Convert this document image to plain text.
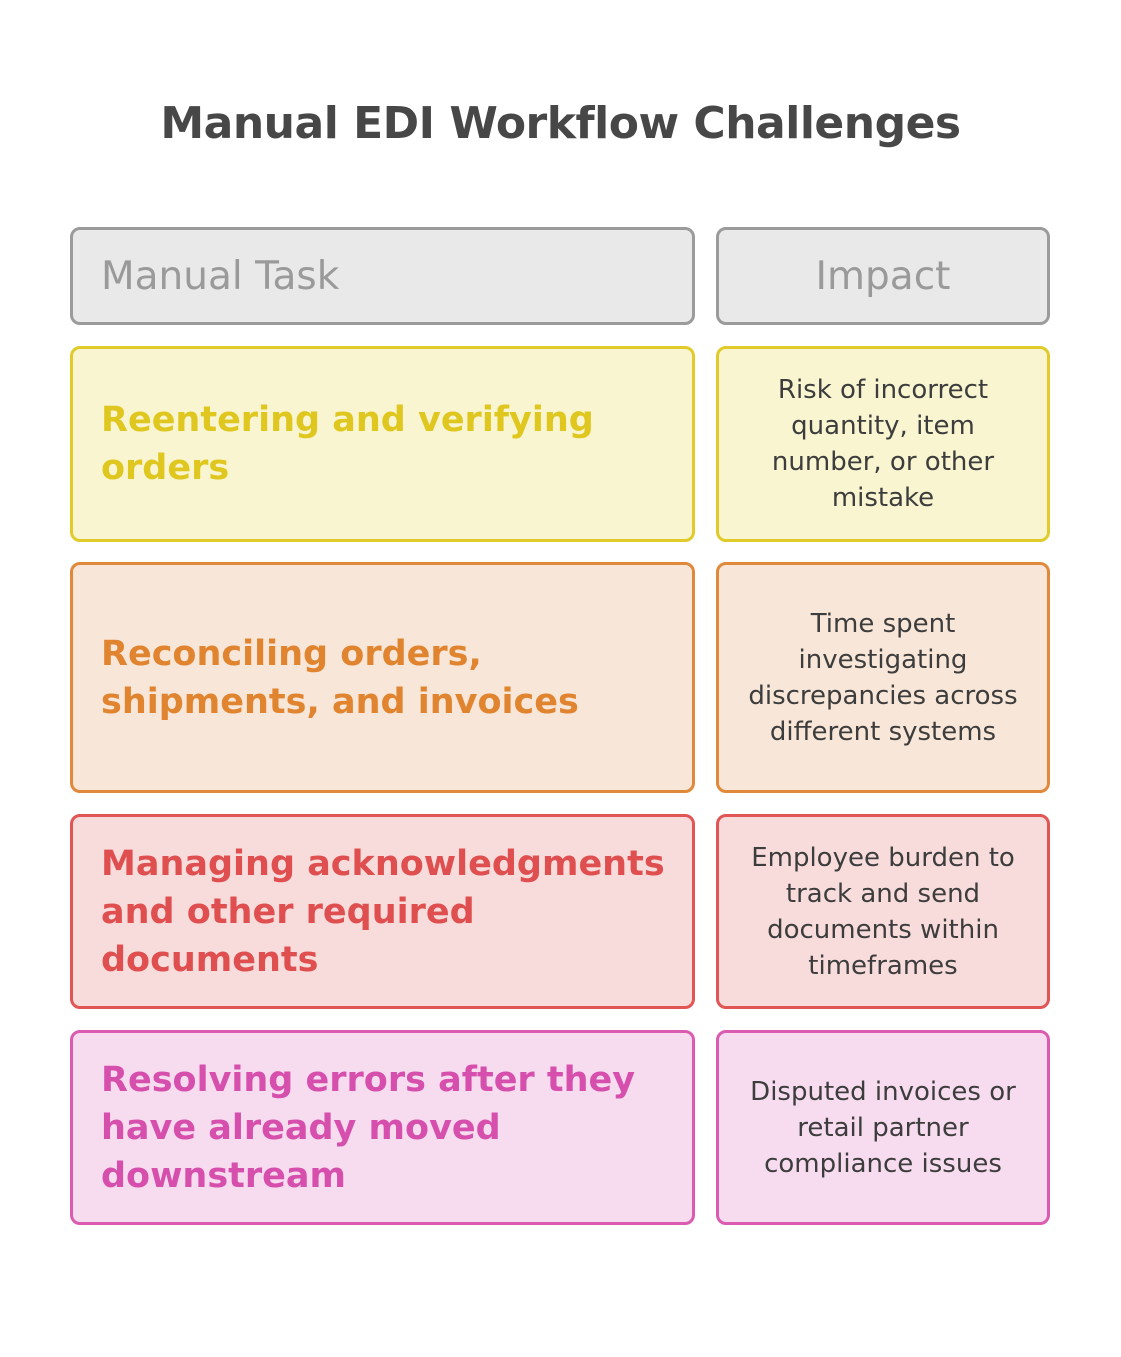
Manual EDI Workflow Challenges
Manual Task	Impact
Reentering and verifying orders
Risk of incorrect quantity, item number, or other mistake
Reconciling orders, shipments, and invoices
Time spent investigating discrepancies across different systems
Managing acknowledgments and other required documents
Employee burden to track and send documents within timeframes
Resolving errors after they have already moved downstream
Disputed invoices or retail partner compliance issues
